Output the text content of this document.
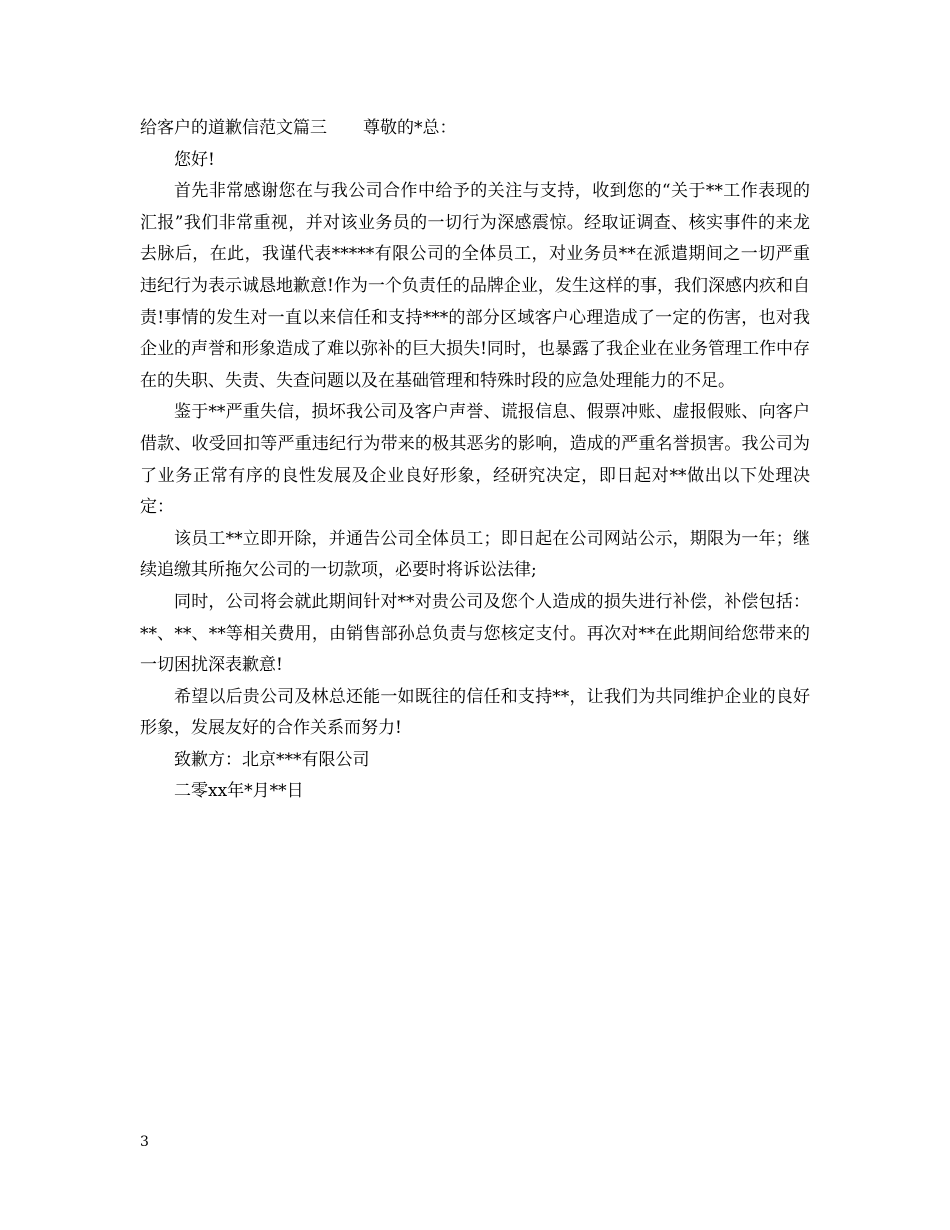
给客户的道歉信范文篇三 尊敬的*总：

您好!

首先非常感谢您在与我公司合作中给予的关注与支持，收到您的“关于**工作表现的汇报”我们非常重视，并对该业务员的一切行为深感震惊。经取证调查、核实事件的来龙去脉后，在此，我谨代表*****有限公司的全体员工，对业务员**在派遣期间之一切严重违纪行为表示诚恳地歉意!作为一个负责任的品牌企业，发生这样的事，我们深感内疚和自责!事情的发生对一直以来信任和支持***的部分区域客户心理造成了一定的伤害，也对我企业的声誉和形象造成了难以弥补的巨大损失!同时，也暴露了我企业在业务管理工作中存在的失职、失责、失查问题以及在基础管理和特殊时段的应急处理能力的不足。

鉴于**严重失信，损坏我公司及客户声誉、谎报信息、假票冲账、虚报假账、向客户借款、收受回扣等严重违纪行为带来的极其恶劣的影响，造成的严重名誉损害。我公司为了业务正常有序的良性发展及企业良好形象，经研究决定，即日起对**做出以下处理决定：

该员工**立即开除，并通告公司全体员工；即日起在公司网站公示，期限为一年；继续追缴其所拖欠公司的一切款项，必要时将诉讼法律;

同时，公司将会就此期间针对**对贵公司及您个人造成的损失进行补偿，补偿包括：**、**、**等相关费用，由销售部孙总负责与您核定支付。再次对**在此期间给您带来的一切困扰深表歉意!

希望以后贵公司及林总还能一如既往的信任和支持**，让我们为共同维护企业的良好形象，发展友好的合作关系而努力!

致歉方：北京***有限公司

二零xx年*月**日

3
